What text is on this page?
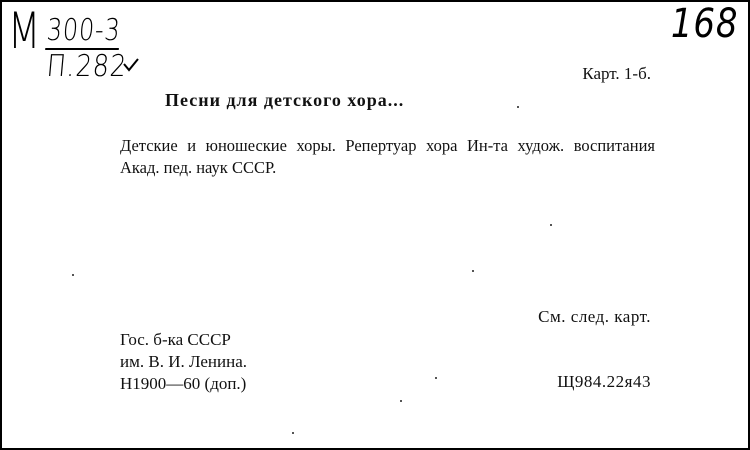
М 300-3
П.282
168
Карт. 1-б.
Песни для детского хора...
Детские и юношеские хоры. Репертуар хора Ин-та худож. воспитания Акад. пед. наук СССР.
См. след. карт.
Гос. б-ка СССР
им. В. И. Ленина.
Н1900—60 (доп.)	Щ984.22я43
